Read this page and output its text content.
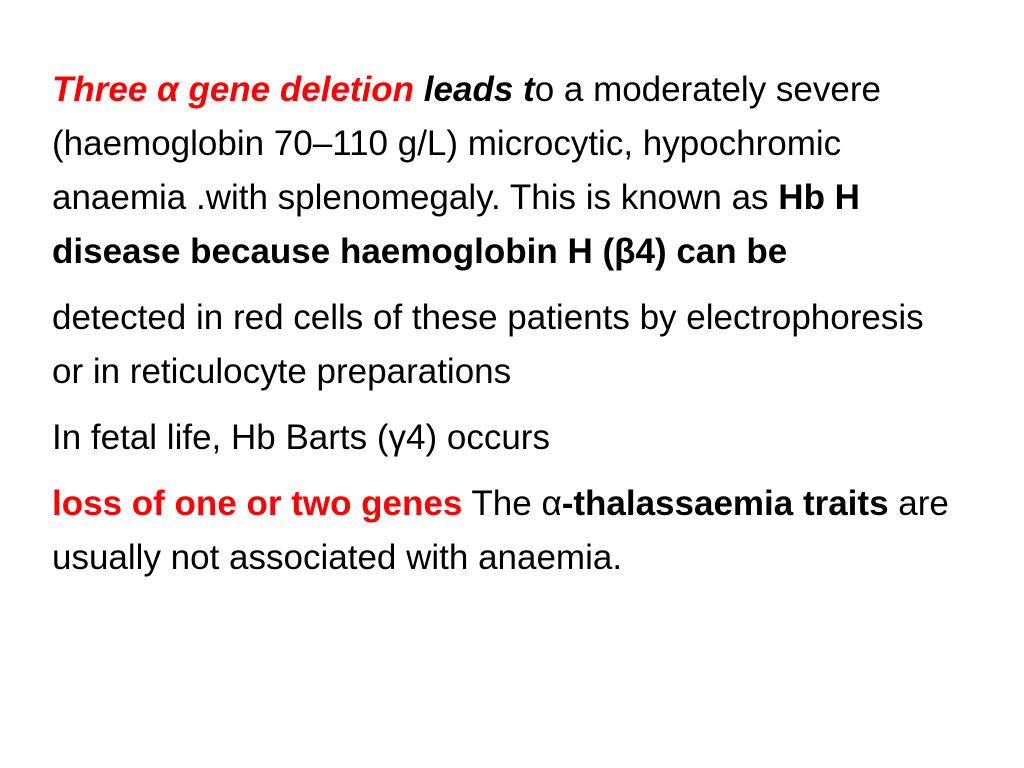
Three α gene deletion leads to a moderately severe (haemoglobin 70–110 g/L) microcytic, hypochromic anaemia .with splenomegaly. This is known as Hb H disease because haemoglobin H (β4) can be

detected in red cells of these patients by electrophoresis or in reticulocyte preparations

In fetal life, Hb Barts (γ4) occurs

loss of one or two genes The α-thalassaemia traits are usually not associated with anaemia.
